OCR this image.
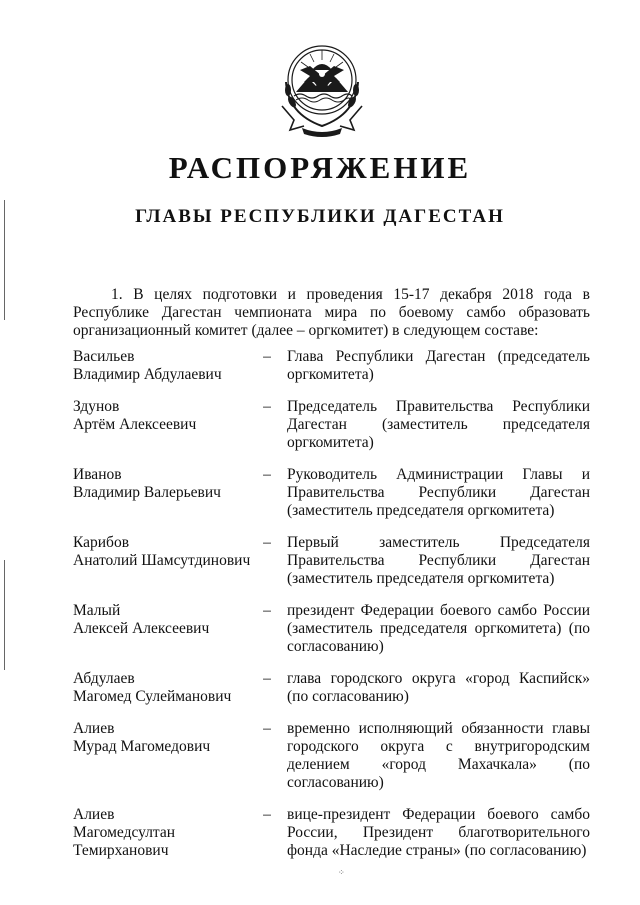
РАСПОРЯЖЕНИЕ
ГЛАВЫ РЕСПУБЛИКИ ДАГЕСТАН
1. В целях подготовки и проведения 15-17 декабря 2018 года в Республике Дагестан чемпионата мира по боевому самбо образовать организационный комитет (далее – оргкомитет) в следующем составе:
Васильев
Владимир Абдулаевич
– Глава Республики Дагестан (председатель оргкомитета)
Здунов
Артём Алексеевич
– Председатель Правительства Республики Дагестан (заместитель председателя оргкомитета)
Иванов
Владимир Валерьевич
– Руководитель Администрации Главы и Правительства Республики Дагестан (заместитель председателя оргкомитета)
Карибов
Анатолий Шамсутдинович
– Первый заместитель Председателя Правительства Республики Дагестан (заместитель председателя оргкомитета)
Малый
Алексей Алексеевич
– президент Федерации боевого самбо России (заместитель председателя оргкомитета) (по согласованию)
Абдулаев
Магомед Сулейманович
– глава городского округа «город Каспийск» (по согласованию)
Алиев
Мурад Магомедович
– временно исполняющий обязанности главы городского округа с внутригородским делением «город Махачкала» (по согласованию)
Алиев
Магомедсултан
Темирханович
– вице-президент Федерации боевого самбо России, Президент благотворительного фонда «Наследие страны» (по согласованию)
⁘
